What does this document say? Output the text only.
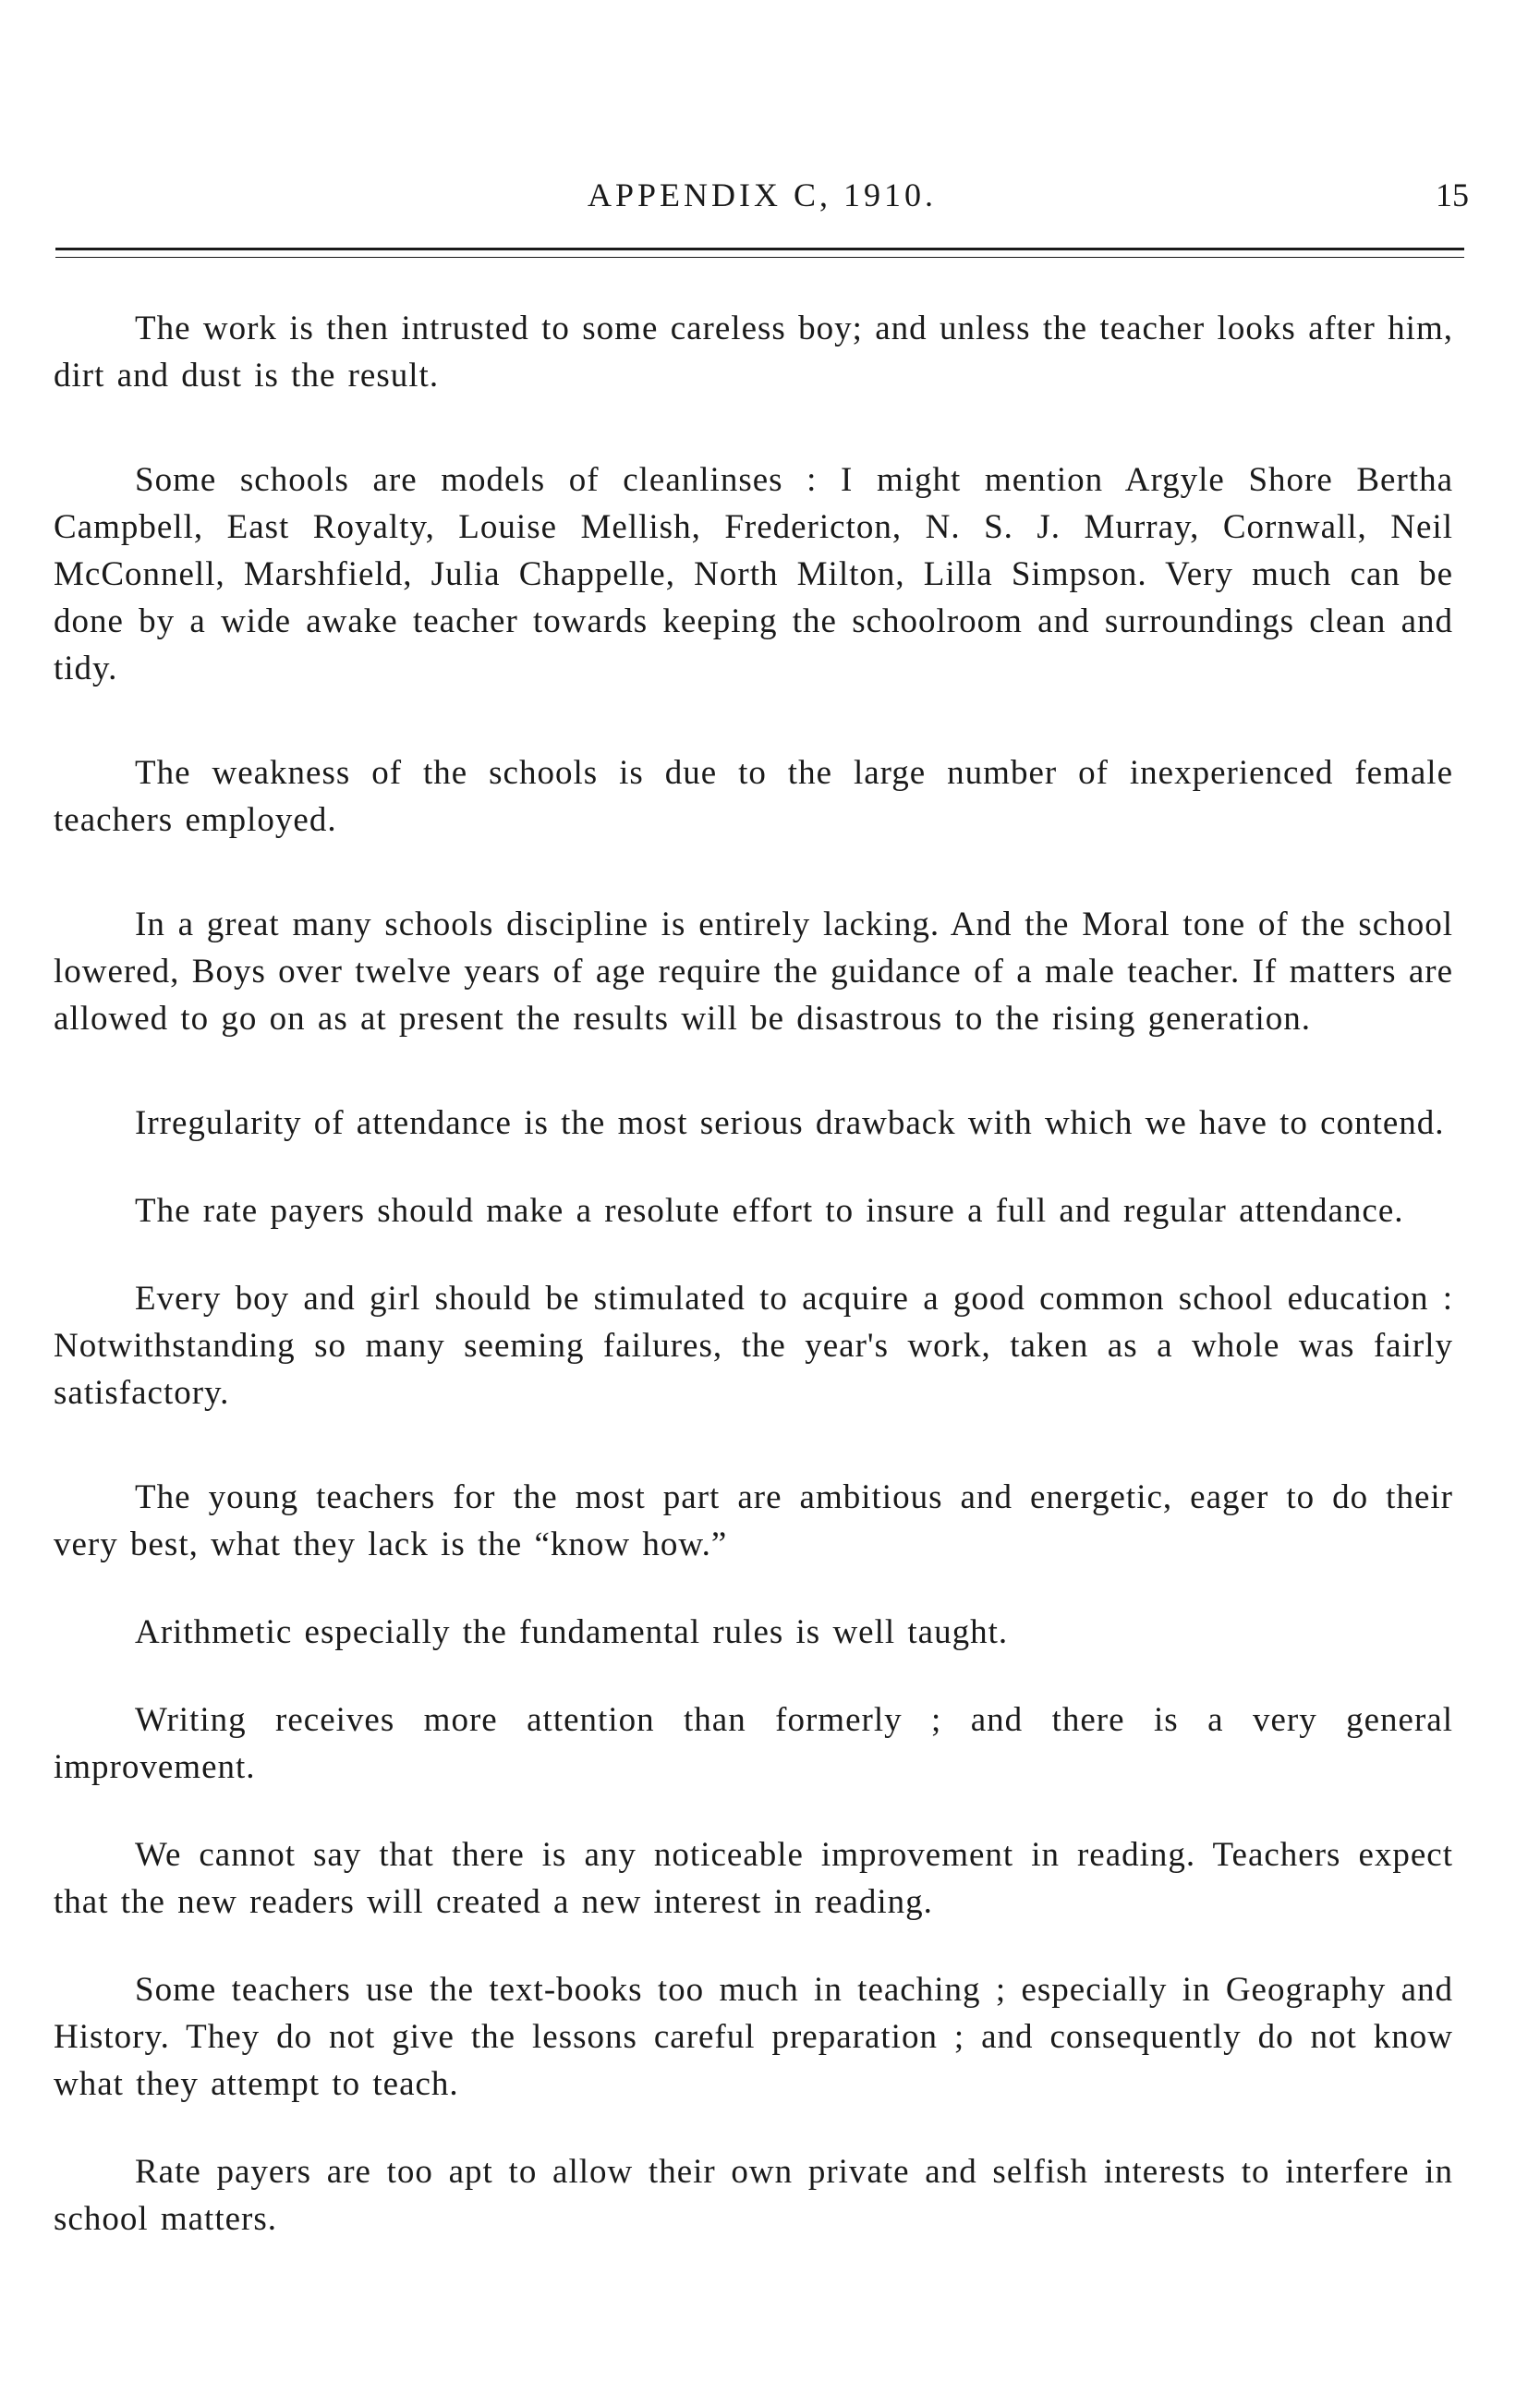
APPENDIX C, 1910.	15

The work is then intrusted to some careless boy; and unless the teacher looks after him, dirt and dust is the result.

Some schools are models of cleanlinses : I might mention Argyle Shore Bertha Campbell, East Royalty, Louise Mellish, Fredericton, N. S. J. Murray, Cornwall, Neil McConnell, Marshfield, Julia Chappelle, North Milton, Lilla Simpson. Very much can be done by a wide awake teacher towards keeping the schoolroom and surroundings clean and tidy.

The weakness of the schools is due to the large number of inexperienced female teachers employed.

In a great many schools discipline is entirely lacking. And the Moral tone of the school lowered, Boys over twelve years of age require the guidance of a male teacher. If matters are allowed to go on as at present the results will be disastrous to the rising generation.

Irregularity of attendance is the most serious drawback with which we have to contend.

The rate payers should make a resolute effort to insure a full and regular attendance.

Every boy and girl should be stimulated to acquire a good common school education : Notwithstanding so many seeming failures, the year's work, taken as a whole was fairly satisfactory.

The young teachers for the most part are ambitious and energetic, eager to do their very best, what they lack is the “know how.”

Arithmetic especially the fundamental rules is well taught.

Writing receives more attention than formerly ; and there is a very general improvement.

We cannot say that there is any noticeable improvement in reading. Teachers expect that the new readers will created a new interest in reading.

Some teachers use the text-books too much in teaching ; especially in Geography and History. They do not give the lessons careful preparation ; and consequently do not know what they attempt to teach.

Rate payers are too apt to allow their own private and selfish interests to interfere in school matters.
